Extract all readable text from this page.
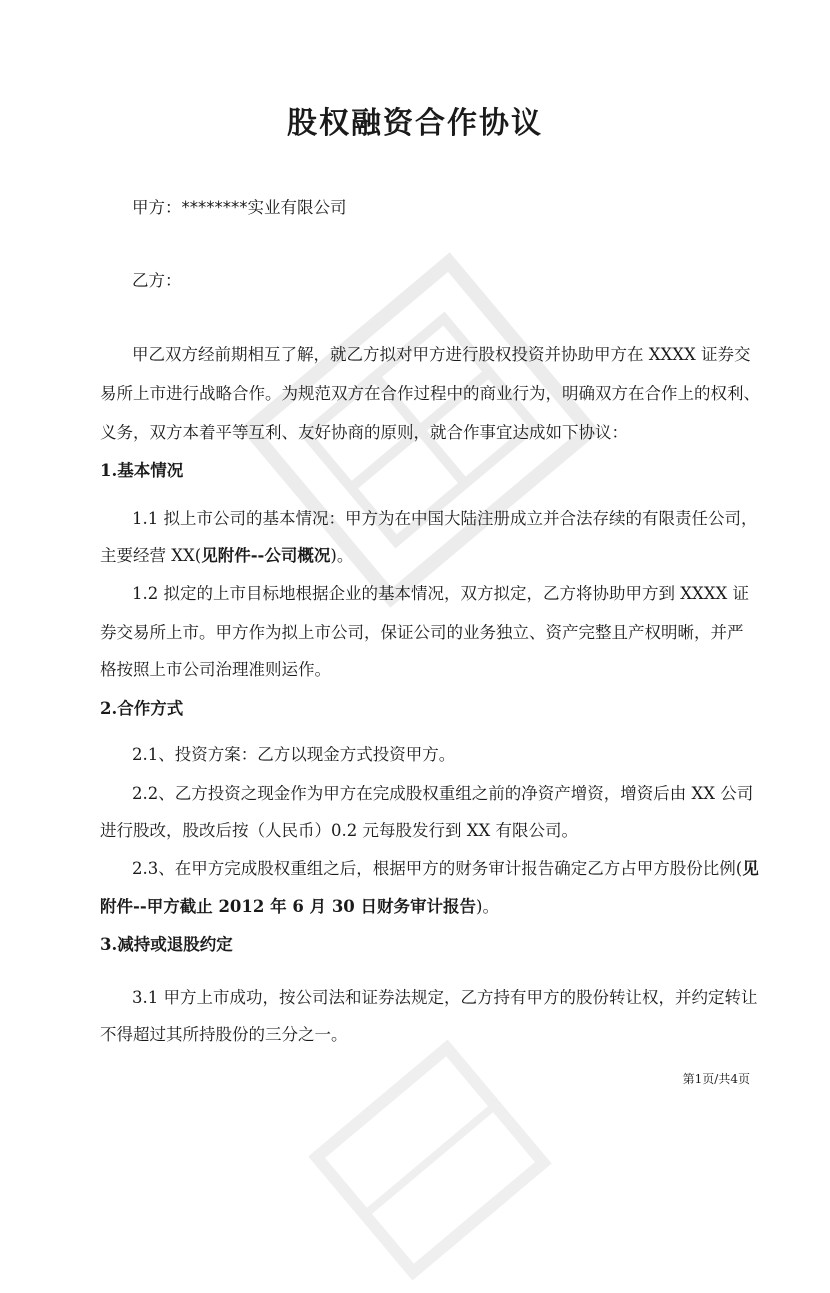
股权融资合作协议
甲方：********实业有限公司
乙方：
甲乙双方经前期相互了解，就乙方拟对甲方进行股权投资并协助甲方在 XXXX 证券交
易所上市进行战略合作。为规范双方在合作过程中的商业行为，明确双方在合作上的权利、
义务，双方本着平等互利、友好协商的原则，就合作事宜达成如下协议：
1.基本情况
1.1 拟上市公司的基本情况：甲方为在中国大陆注册成立并合法存续的有限责任公司，
主要经营 XX(见附件--公司概况)。
1.2 拟定的上市目标地根据企业的基本情况，双方拟定，乙方将协助甲方到 XXXX 证
券交易所上市。甲方作为拟上市公司，保证公司的业务独立、资产完整且产权明晰，并严
格按照上市公司治理准则运作。
2.合作方式
2.1、投资方案：乙方以现金方式投资甲方。
2.2、乙方投资之现金作为甲方在完成股权重组之前的净资产增资，增资后由 XX 公司
进行股改，股改后按（人民币）0.2 元每股发行到 XX 有限公司。
2.3、在甲方完成股权重组之后，根据甲方的财务审计报告确定乙方占甲方股份比例(见
附件--甲方截止 2012 年 6 月 30 日财务审计报告)。
3.减持或退股约定
3.1 甲方上市成功，按公司法和证券法规定，乙方持有甲方的股份转让权，并约定转让
不得超过其所持股份的三分之一。
第1页/共4页
